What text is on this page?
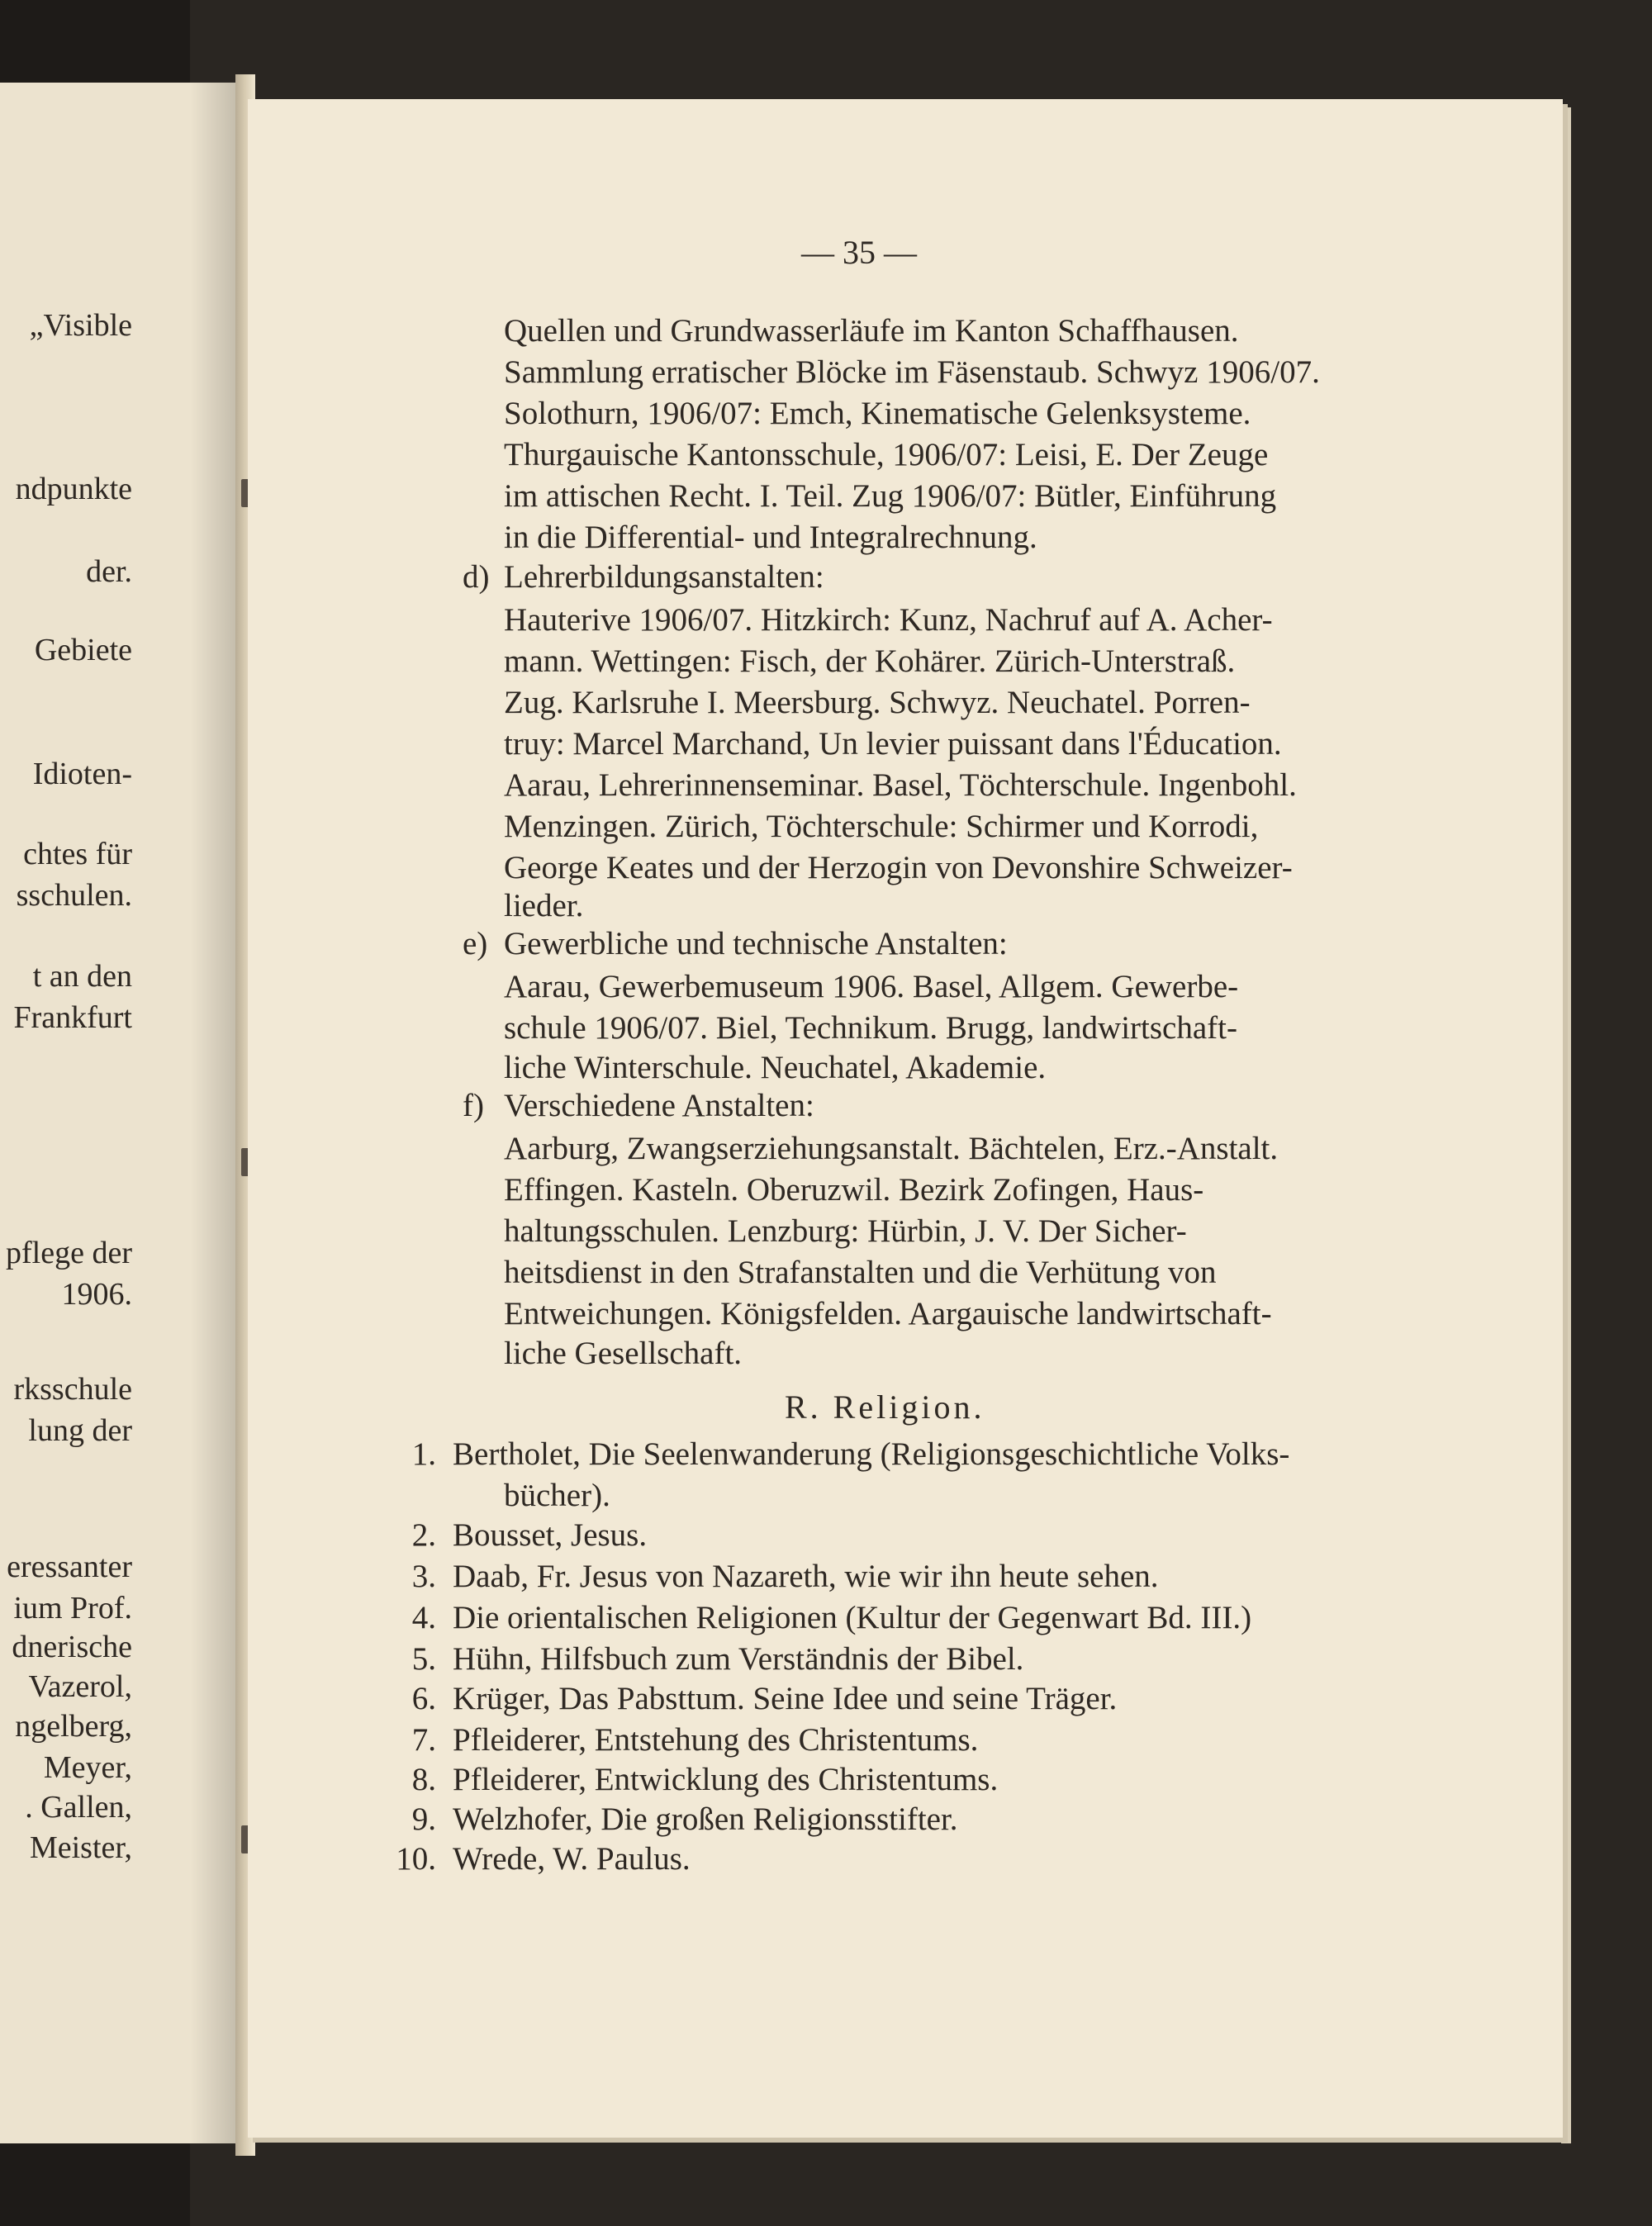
„Visible
ndpunkte
der.
Gebiete
Idioten-
chtes für
sschulen.
t an den
Frankfurt
pflege der
1906.
rksschule
lung der
eressanter
ium Prof.
dnerische
Vazerol,
ngelberg,
Meyer,
. Gallen,
Meister,
— 35 —
Quellen und Grundwasserläufe im Kanton Schaffhausen.
Sammlung erratischer Blöcke im Fäsenstaub. Schwyz 1906/07.
Solothurn, 1906/07: Emch, Kinematische Gelenksysteme.
Thurgauische Kantonsschule, 1906/07: Leisi, E. Der Zeuge
im attischen Recht. I. Teil. Zug 1906/07: Bütler, Einführung
in die Differential- und Integralrechnung.
d) Lehrerbildungsanstalten:
Hauterive 1906/07. Hitzkirch: Kunz, Nachruf auf A. Acher-
mann. Wettingen: Fisch, der Kohärer. Zürich-Unterstraß.
Zug. Karlsruhe I. Meersburg. Schwyz. Neuchatel. Porren-
truy: Marcel Marchand, Un levier puissant dans l'Éducation.
Aarau, Lehrerinnenseminar. Basel, Töchterschule. Ingenbohl.
Menzingen. Zürich, Töchterschule: Schirmer und Korrodi,
George Keates und der Herzogin von Devonshire Schweizer-
lieder.
e) Gewerbliche und technische Anstalten:
Aarau, Gewerbemuseum 1906. Basel, Allgem. Gewerbe-
schule 1906/07. Biel, Technikum. Brugg, landwirtschaft-
liche Winterschule. Neuchatel, Akademie.
f) Verschiedene Anstalten:
Aarburg, Zwangserziehungsanstalt. Bächtelen, Erz.-Anstalt.
Effingen. Kasteln. Oberuzwil. Bezirk Zofingen, Haus-
haltungsschulen. Lenzburg: Hürbin, J. V. Der Sicher-
heitsdienst in den Strafanstalten und die Verhütung von
Entweichungen. Königsfelden. Aargauische landwirtschaft-
liche Gesellschaft.
R. Religion.
1. Bertholet, Die Seelenwanderung (Religionsgeschichtliche Volks-
bücher).
2. Bousset, Jesus.
3. Daab, Fr. Jesus von Nazareth, wie wir ihn heute sehen.
4. Die orientalischen Religionen (Kultur der Gegenwart Bd. III.)
5. Hühn, Hilfsbuch zum Verständnis der Bibel.
6. Krüger, Das Pabsttum. Seine Idee und seine Träger.
7. Pfleiderer, Entstehung des Christentums.
8. Pfleiderer, Entwicklung des Christentums.
9. Welzhofer, Die großen Religionsstifter.
10. Wrede, W. Paulus.
